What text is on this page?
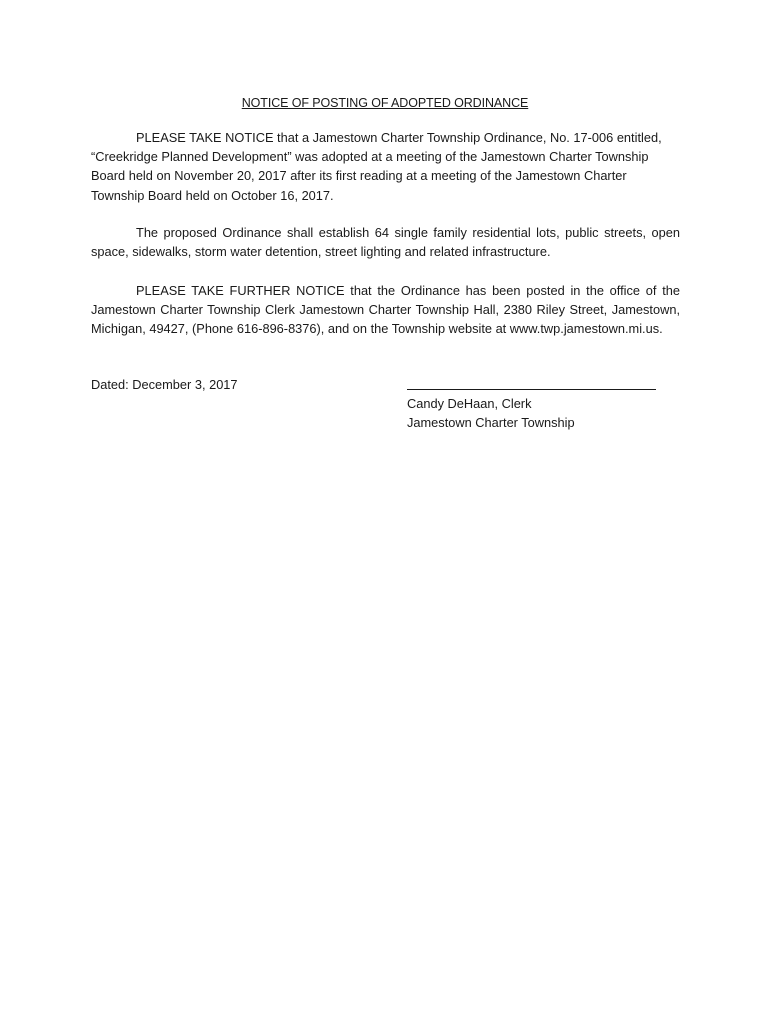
NOTICE OF POSTING OF ADOPTED ORDINANCE

PLEASE TAKE NOTICE that a Jamestown Charter Township Ordinance, No. 17-006 entitled, “Creekridge Planned Development” was adopted at a meeting of the Jamestown Charter Township Board held on November 20, 2017 after its first reading at a meeting of the Jamestown Charter Township Board held on October 16, 2017.

The proposed Ordinance shall establish 64 single family residential lots, public streets, open space, sidewalks, storm water detention, street lighting and related infrastructure.

PLEASE TAKE FURTHER NOTICE that the Ordinance has been posted in the office of the Jamestown Charter Township Clerk Jamestown Charter Township Hall, 2380 Riley Street, Jamestown, Michigan, 49427, (Phone 616-896-8376), and on the Township website at www.twp.jamestown.mi.us.

Dated: December 3, 2017
Candy DeHaan, Clerk
Jamestown Charter Township
